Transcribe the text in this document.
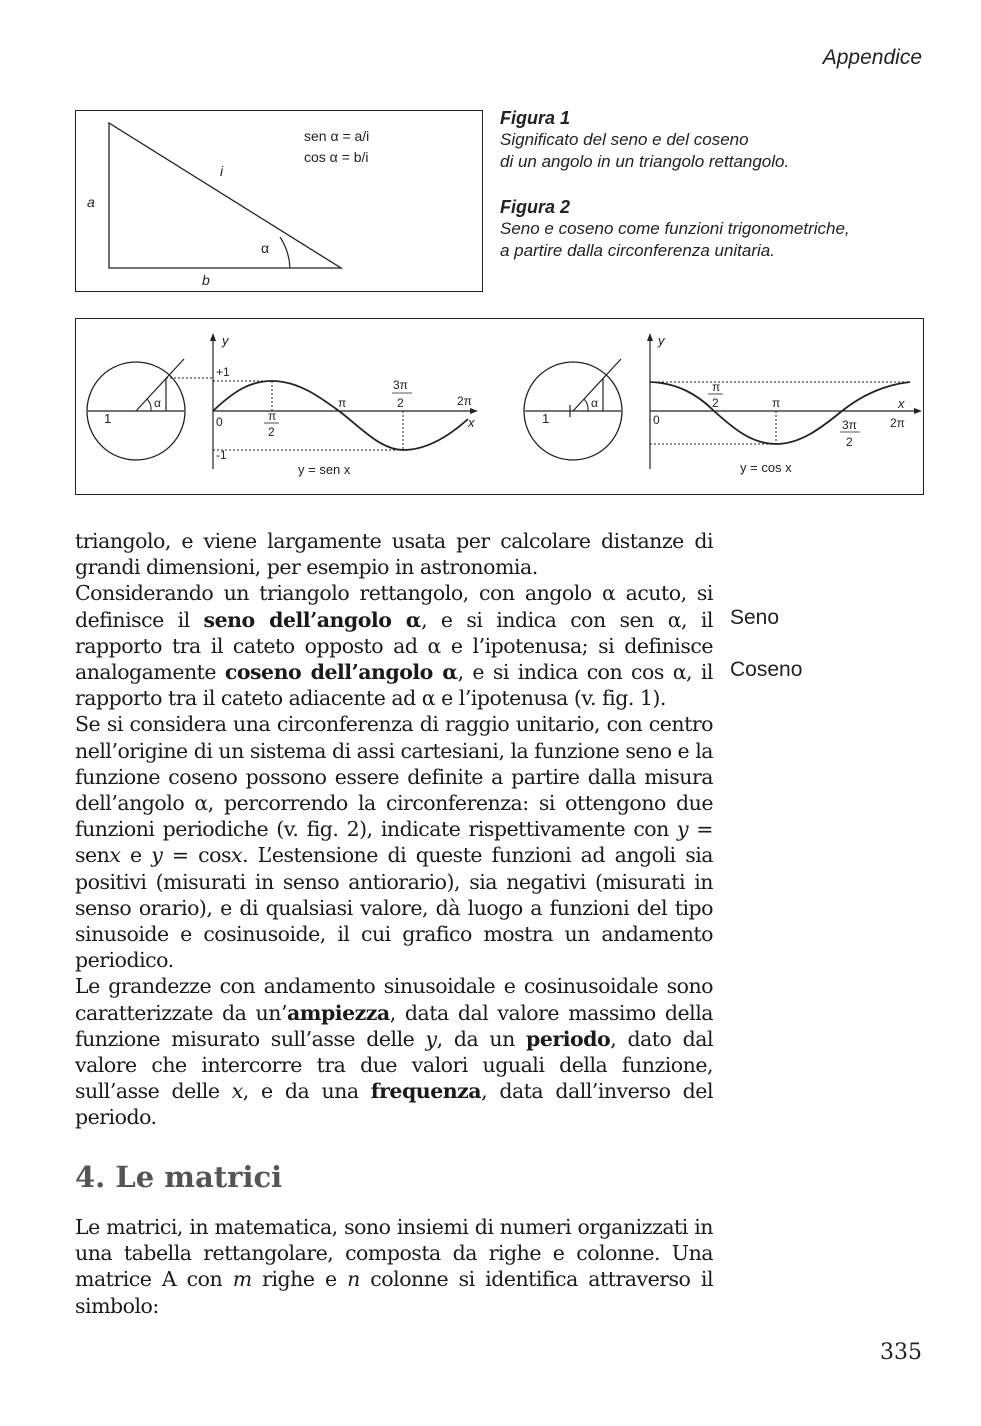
Appendice
sen α = a/i
cos α = b/i
i
a
b
α
Figura 1
Significato del seno e del coseno
di un angolo in un triangolo rettangolo.
Figura 2
Seno e coseno come funzioni trigonometriche,
a partire dalla circonferenza unitaria.
1
α
y
x
+1
-1
0	π
2
π
3π
2	2π
y = sen x
1
α
y
x
0
π
2	π
3π
2
2π
y = cos x

triangolo, e viene largamente usata per calcolare distanze di grandi dimensioni, per esempio in astronomia.

Considerando un triangolo rettangolo, con angolo α acuto, si definisce il seno dell’angolo α, e si indica con sen α, il rapporto tra il cateto opposto ad α e l’ipotenusa; si definisce analogamente coseno dell’angolo α, e si indica con cos α, il rapporto tra il cateto adiacente ad α e l’ipotenusa (v. fig. 1).

Se si considera una circonferenza di raggio unitario, con centro nell’origine di un sistema di assi cartesiani, la funzione seno e la funzione coseno possono essere definite a partire dalla misura dell’angolo α, percorrendo la circonferenza: si ottengono due funzioni periodiche (v. fig. 2), indicate rispettivamente con y = senx e y = cosx. L’estensione di queste funzioni ad angoli sia positivi (misurati in senso antiorario), sia negativi (misurati in senso orario), e di qualsiasi valore, dà luogo a funzioni del tipo sinusoide e cosinusoide, il cui grafico mostra un andamento periodico.

Le grandezze con andamento sinusoidale e cosinusoidale sono caratterizzate da un’ampiezza, data dal valore massimo della funzione misurato sull’asse delle y, da un periodo, dato dal valore che intercorre tra due valori uguali della funzione, sull’asse delle x, e da una frequenza, data dall’inverso del periodo.

Seno
Coseno
4. Le matrici

Le matrici, in matematica, sono insiemi di numeri organizzati in una tabella rettangolare, composta da righe e colonne. Una matrice A con m righe e n colonne si identifica attraverso il simbolo:

335
